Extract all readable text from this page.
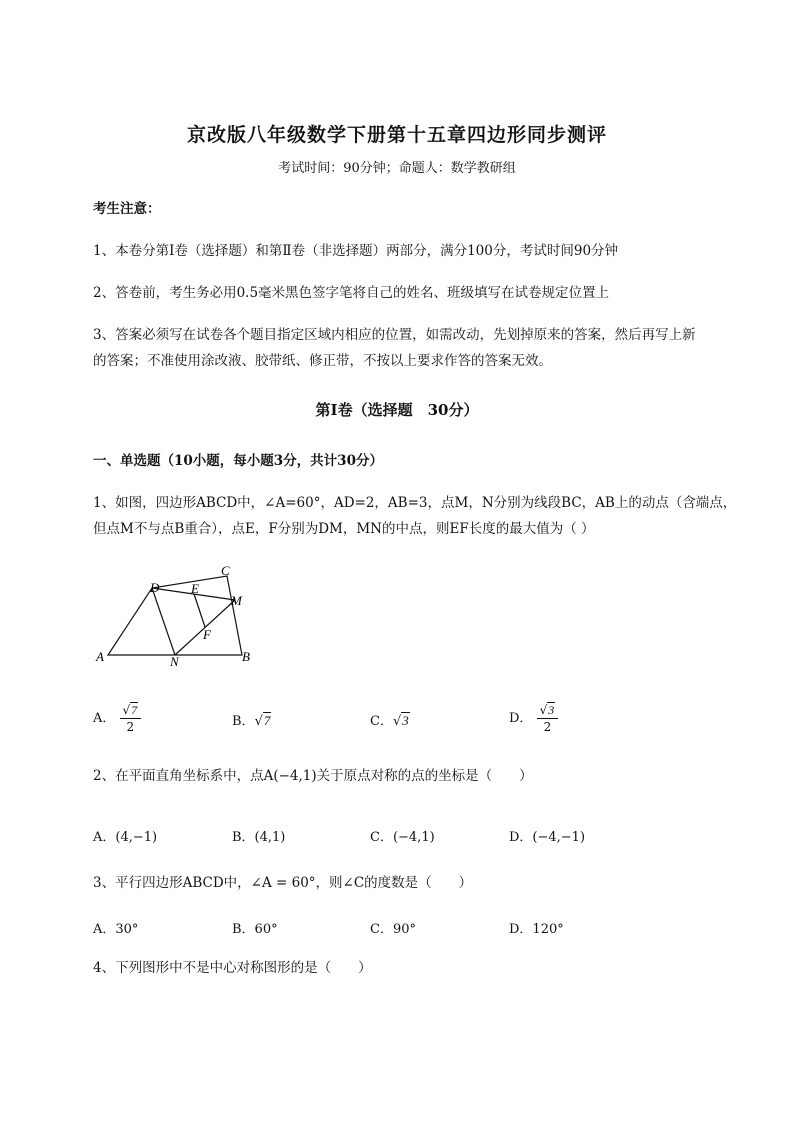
京改版八年级数学下册第十五章四边形同步测评
考试时间：90分钟；命题人：数学教研组
考生注意：
1、本卷分第Ⅰ卷（选择题）和第Ⅱ卷（非选择题）两部分，满分100分，考试时间90分钟
2、答卷前，考生务必用0.5毫米黑色签字笔将自己的姓名、班级填写在试卷规定位置上
3、答案必须写在试卷各个题目指定区域内相应的位置，如需改动，先划掉原来的答案，然后再写上新
的答案；不准使用涂改液、胶带纸、修正带，不按以上要求作答的答案无效。
第Ⅰ卷（选择题　30分）
一、单选题（10小题，每小题3分，共计30分）
1、如图，四边形ABCD中，∠A=60°，AD=2，AB=3，点M，N分别为线段BC，AB上的动点（含端点，
但点M不与点B重合），点E，F分别为DM，MN的中点，则EF长度的最大值为（ ）
A	B
C
D E
F
M
N
A． $\frac{√7}{2}$	B．√7	C．√3	D． $\frac{√3}{2}$
2、在平面直角坐标系中，点A(−4,1)关于原点对称的点的坐标是（　　）
A．(4,−1)	B．(4,1)	C．(−4,1)	D．(−4,−1)
3、平行四边形ABCD中，∠A = 60°，则∠C的度数是（　　）
A．30°	B．60°	C．90°	D．120°
4、下列图形中不是中心对称图形的是（　　）
